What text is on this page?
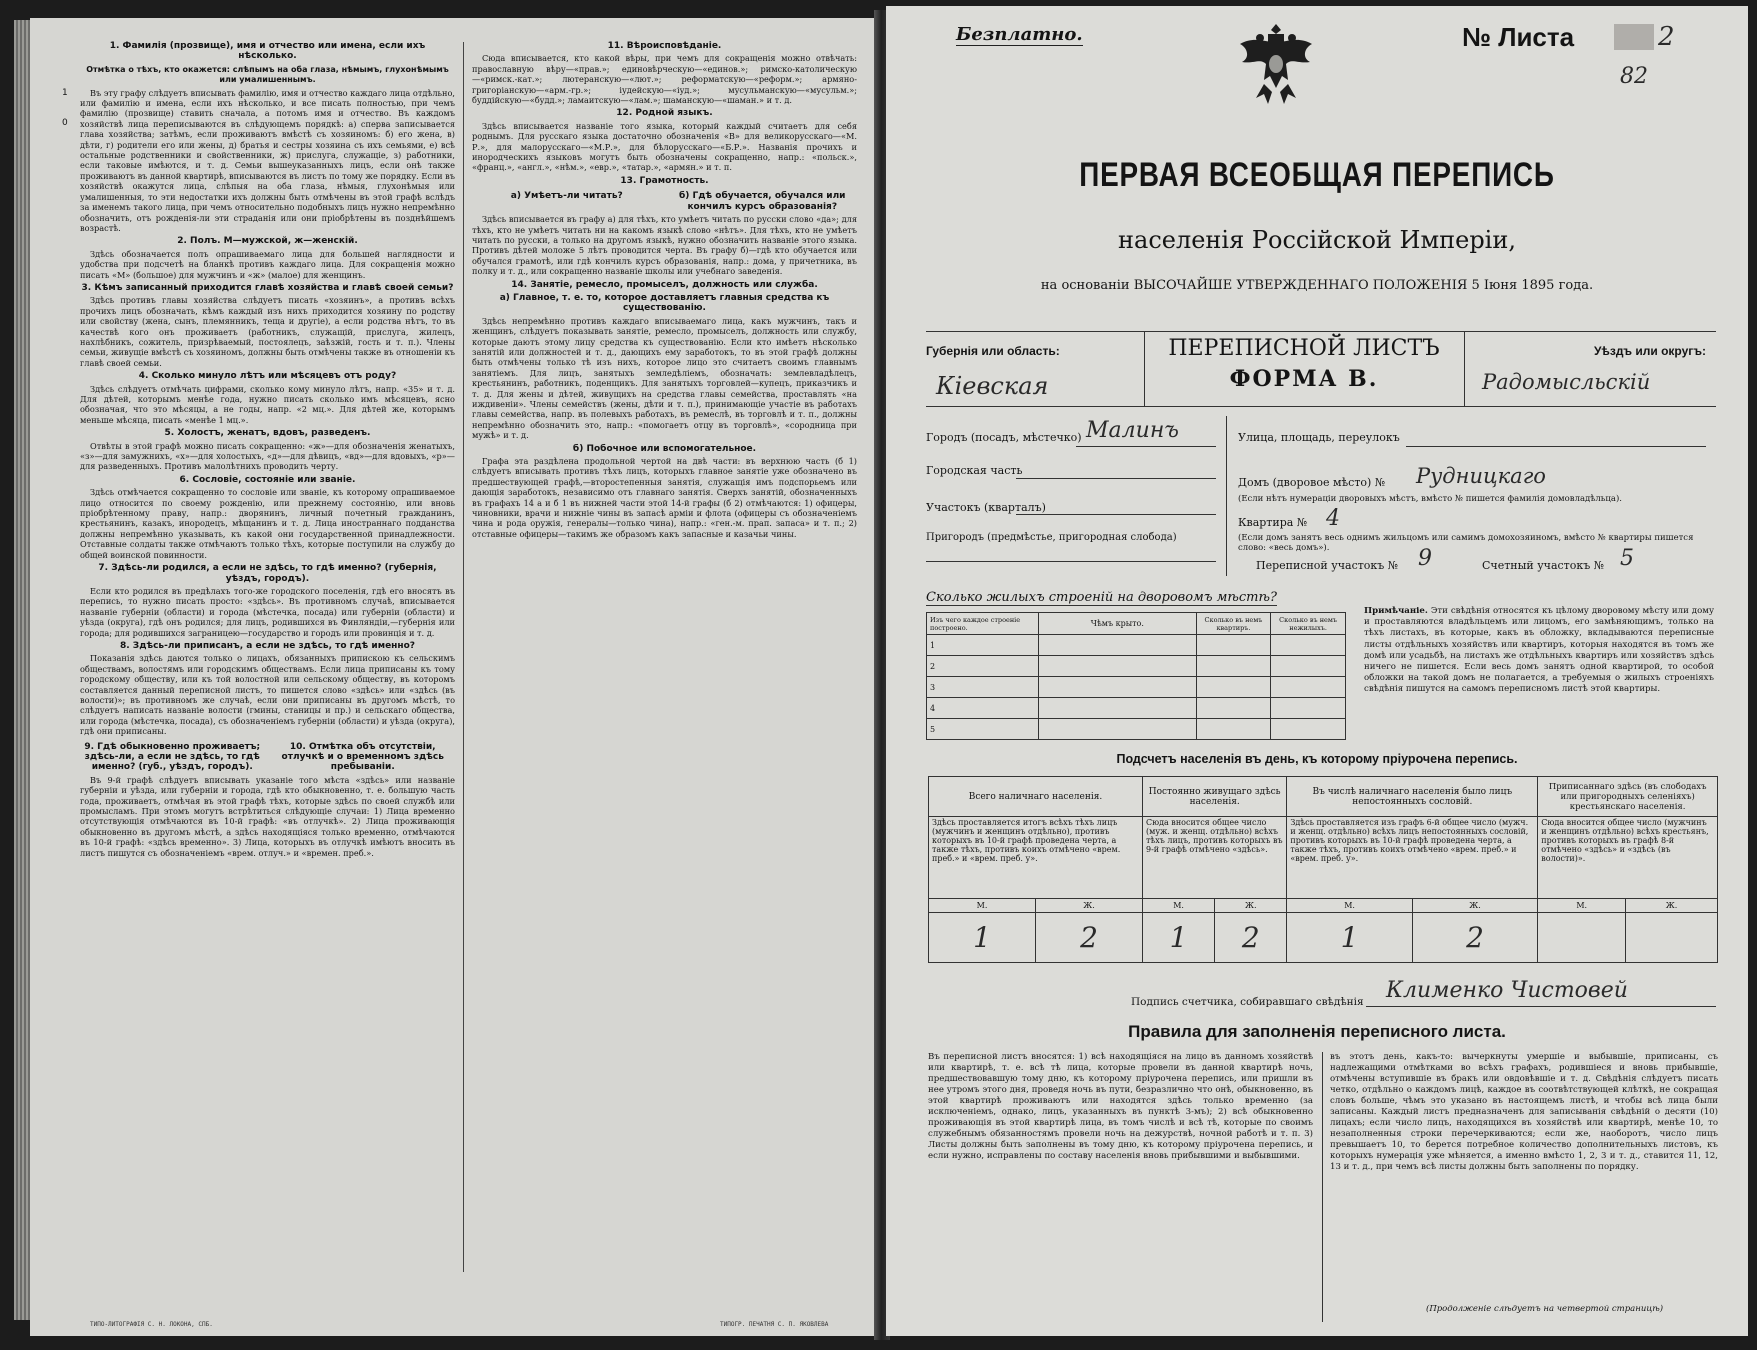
1
0
1. Фамилія (прозвище), имя и отчество или имена, если ихъ нѣсколько.
Отмѣтка о тѣхъ, кто окажется: слѣпымъ на оба глаза, нѣмымъ, глухонѣмымъ или умалишеннымъ.

Въ эту графу слѣдуетъ вписывать фамилію, имя и отчество каждаго лица отдѣльно, или фамилію и имена, если ихъ нѣсколько, и все писать полностью, при чемъ фамилію (прозвище) ставить сначала, а потомъ имя и отчество. Въ каждомъ хозяйствѣ лица переписываются въ слѣдующемъ порядкѣ: а) сперва записывается глава хозяйства; затѣмъ, если проживаютъ вмѣстѣ съ хозяиномъ: б) его жена, в) дѣти, г) родители его или жены, д) братья и сестры хозяина съ ихъ семьями, е) всѣ остальные родственники и свойственники, ж) прислуга, служащіе, з) работники, если таковые имѣются, и т. д. Семьи вышеуказанныхъ лицъ, если онѣ также проживаютъ въ данной квартирѣ, вписываются въ листъ по тому же порядку. Если въ хозяйствѣ окажутся лица, слѣпыя на оба глаза, нѣмыя, глухонѣмыя или умалишенныя, то эти недостатки ихъ должны быть отмѣчены въ этой графѣ вслѣдъ за именемъ такого лица, при чемъ относительно подобныхъ лицъ нужно непремѣнно обозначить, отъ рожденія-ли эти страданія или они пріобрѣтены въ позднѣйшемъ возрастѣ.

2. Полъ. М—мужской, ж—женскій.

Здѣсь обозначается полъ опрашиваемаго лица для большей наглядности и удобства при подсчетѣ на бланкѣ противъ каждаго лица. Для сокращенія можно писать «М» (большое) для мужчинъ и «ж» (малое) для женщинъ.

3. Кѣмъ записанный приходится главѣ хозяйства и главѣ своей семьи?

Здѣсь противъ главы хозяйства слѣдуетъ писать «хозяинъ», а противъ всѣхъ прочихъ лицъ обозначать, кѣмъ каждый изъ нихъ приходится хозяину по родству или свойству (жена, сынъ, племянникъ, теща и другіе), а если родства нѣтъ, то въ качествѣ кого онъ проживаетъ (работникъ, служащій, прислуга, жилецъ, нахлѣбникъ, сожитель, призрѣваемый, постоялецъ, заѣзжій, гость и т. п.). Члены семьи, живущіе вмѣстѣ съ хозяиномъ, должны быть отмѣчены также въ отношеніи къ главѣ своей семьи.

4. Сколько минуло лѣтъ или мѣсяцевъ отъ роду?

Здѣсь слѣдуетъ отмѣчать цифрами, сколько кому минуло лѣтъ, напр. «35» и т. д. Для дѣтей, которымъ менѣе года, нужно писать сколько имъ мѣсяцевъ, ясно обозначая, что это мѣсяцы, а не годы, напр. «2 мц.». Для дѣтей же, которымъ меньше мѣсяца, писать «менѣе 1 мц.».

5. Холостъ, женатъ, вдовъ, разведенъ.

Отвѣты в этой графѣ можно писать сокращенно: «ж»—для обозначенія женатыхъ, «з»—для замужнихъ, «х»—для холостыхъ, «д»—для дѣвицъ, «вд»—для вдовыхъ, «р»—для разведенныхъ. Противъ малолѣтнихъ проводить черту.

6. Сословіе, состояніе или званіе.

Здѣсь отмѣчается сокращенно то сословіе или званіе, къ которому опрашиваемое лицо относится по своему рожденію, или прежнему состоянію, или вновь пріобрѣтенному праву, напр.: дворянинъ, личный почетный гражданинъ, крестьянинъ, казакъ, инородецъ, мѣщанинъ и т. д. Лица иностраннаго подданства должны непремѣнно указывать, къ какой они государственной принадлежности. Отставные солдаты также отмѣчаютъ только тѣхъ, которые поступили на службу до общей воинской повинности.

7. Здѣсь-ли родился, а если не здѣсь, то гдѣ именно? (губернія, уѣздъ, городъ).

Если кто родился въ предѣлахъ того-же городского поселенія, гдѣ его вносятъ въ перепись, то нужно писать просто: «здѣсь». Въ противномъ случаѣ, вписывается названіе губерніи (области) и города (мѣстечка, посада) или губерніи (области) и уѣзда (округа), гдѣ онъ родился; для лицъ, родившихся въ Финляндіи,—губернія или города; для родившихся заграницею—государство и городъ или провинція и т. д.

8. Здѣсь-ли приписанъ, а если не здѣсь, то гдѣ именно?

Показанія здѣсь даются только о лицахъ, обязанныхъ припискою къ сельскимъ обществамъ, волостямъ или городскимъ обществамъ. Если лица приписаны къ тому городскому обществу, или къ той волостной или сельскому обществу, въ которомъ составляется данный переписной листъ, то пишется слово «здѣсь» или «здѣсь (въ волости)»; въ противномъ же случаѣ, если они приписаны въ другомъ мѣстѣ, то слѣдуетъ написать названіе волости (гмины, станицы и пр.) и сельскаго общества, или города (мѣстечка, посада), съ обозначеніемъ губерніи (области) и уѣзда (округа), гдѣ они приписаны.

9. Гдѣ обыкновенно проживаетъ; здѣсь-ли, а если не здѣсь, то гдѣ именно? (губ., уѣздъ, городъ).
10. Отмѣтка объ отсутствіи, отлучкѣ и о временномъ здѣсь пребываніи.

Въ 9-й графѣ слѣдуетъ вписывать указаніе того мѣста «здѣсь» или названіе губерніи и уѣзда, или губерніи и города, гдѣ кто обыкновенно, т. е. большую часть года, проживаетъ, отмѣчая въ этой графѣ тѣхъ, которые здѣсь по своей службѣ или промысламъ. При этомъ могутъ встрѣтиться слѣдующіе случаи: 1) Лица временно отсутствующія отмѣчаются въ 10-й графѣ: «въ отлучкѣ». 2) Лица проживающія обыкновенно въ другомъ мѣстѣ, а здѣсь находящіяся только временно, отмѣчаются въ 10-й графѣ: «здѣсь временно». 3) Лица, которыхъ въ отлучкѣ имѣютъ вносить въ листъ пишутся съ обозначеніемъ «врем. отлуч.» и «времен. преб.».

11. Вѣроисповѣданіе.

Сюда вписывается, кто какой вѣры, при чемъ для сокращенія можно отвѣчать: православную вѣру—«прав.»; единовѣрческую—«единов.»; римско-католическую—«римск.-кат.»; лютеранскую—«лют.»; реформатскую—«реформ.»; армяно-григоріанскую—«арм.-гр.»; іудейскую—«іуд.»; мусульманскую—«мусульм.»; буддійскую—«будд.»; ламаитскую—«лам.»; шаманскую—«шаман.» и т. д.

12. Родной языкъ.

Здѣсь вписывается названіе того языка, который каждый считаетъ для себя роднымъ. Для русскаго языка достаточно обозначенія «В» для великорусскаго—«М. Р.», для малорусскаго—«М.Р.», для бѣлорусскаго—«Б.Р.». Названія прочихъ и инородческихъ языковъ могутъ быть обозначены сокращенно, напр.: «польск.», «франц.», «англ.», «нѣм.», «евр.», «татар.», «армян.» и т. п.

13. Грамотность.
а) Умѣетъ-ли читать?	б) Гдѣ обучается, обучался или кончилъ курсъ образованія?

Здѣсь вписывается въ графу а) для тѣхъ, кто умѣетъ читать по русски слово «да»; для тѣхъ, кто не умѣетъ читать ни на какомъ языкѣ слово «нѣтъ». Для тѣхъ, кто не умѣетъ читать по русски, а только на другомъ языкѣ, нужно обозначить названіе этого языка. Противъ дѣтей моложе 5 лѣтъ проводится черта. Въ графу б)—гдѣ кто обучается или обучался грамотѣ, или гдѣ кончилъ курсъ образованія, напр.: дома, у причетника, въ полку и т. д., или сокращенно названіе школы или учебнаго заведенія.

14. Занятіе, ремесло, промыселъ, должность или служба.
а) Главное, т. е. то, которое доставляетъ главныя средства къ существованію.

Здѣсь непремѣнно противъ каждаго вписываемаго лица, какъ мужчинъ, такъ и женщинъ, слѣдуетъ показывать занятіе, ремесло, промыселъ, должность или службу, которые даютъ этому лицу средства къ существованію. Если кто имѣетъ нѣсколько занятій или должностей и т. д., дающихъ ему заработокъ, то въ этой графѣ должны быть отмѣчены только тѣ изъ нихъ, которое лицо это считаетъ своимъ главнымъ занятіемъ. Для лицъ, занятыхъ земледѣліемъ, обозначать: землевладѣлецъ, крестьянинъ, работникъ, поденщикъ. Для занятыхъ торговлей—купецъ, приказчикъ и т. д. Для жены и дѣтей, живущихъ на средства главы семейства, проставлять «на иждивеніи». Члены семействъ (жены, дѣти и т. п.), принимающіе участіе въ работахъ главы семейства, напр. въ полевыхъ работахъ, въ ремеслѣ, въ торговлѣ и т. п., должны непремѣнно обозначить это, напр.: «помогаетъ отцу въ торговлѣ», «сородница при мужѣ» и т. д.

б) Побочное или вспомогательное.

Графа эта раздѣлена продольной чертой на двѣ части: въ верхнюю часть (б 1) слѣдуетъ вписывать противъ тѣхъ лицъ, которыхъ главное занятіе уже обозначено въ предшествующей графѣ,—второстепенныя занятія, служащія имъ подспорьемъ или дающія заработокъ, независимо отъ главнаго занятія. Сверхъ занятій, обозначенныхъ въ графахъ 14 а и б 1 въ нижней части этой 14-й графы (б 2) отмѣчаются: 1) офицеры, чиновники, врачи и нижніе чины въ запасѣ арміи и флота (офицеры съ обозначеніемъ чина и рода оружія, генералы—только чина), напр.: «ген.-м. прап. запаса» и т. п.; 2) отставные офицеры—такимъ же образомъ какъ запасные и казачьи чины.

ТИПО-ЛИТОГРАФІЯ С. Н. ЛОКОНА, СПБ.	ТИПОГР. ПЕЧАТНЯ С. П. ЯКОВЛЕВА
Безплатно.	№ Листа	2
82
ПЕРВАЯ ВСЕОБЩАЯ ПЕРЕПИСЬ
населенія Россійской Имперіи,
на основаніи ВЫСОЧАЙШЕ УТВЕРЖДЕННАГО ПОЛОЖЕНІЯ 5 Іюня 1895 года.
Губернія или область:
Кіевская
ПЕРЕПИСНОЙ ЛИСТЪ
ФОРМА В.
Уѣздъ или округъ:
Радомысльскій
Городъ (посадъ, мѣстечко) Малинъ
Городская часть
Участокъ (кварталъ)
Пригородъ (предмѣстье, пригородная слобода)
Улица, площадь, переулокъ
Домъ (дворовое мѣсто) № Рудницкаго
(Если нѣтъ нумераціи дворовыхъ мѣстъ, вмѣсто № пишется фамилія домовладѣльца).
Квартира № 4
(Если домъ занятъ весь однимъ жильцомъ или самимъ домохозяиномъ, вмѣсто № квартиры пишется слово: «весь домъ»).
Переписной участокъ № 9	Счетный участокъ № 5
Сколько жилыхъ строеній на дворовомъ мѣстѣ?
Изъ чего каждое строеніе построено.	Чѣмъ крыто.	Сколько въ немъ квартиръ.	Сколько въ немъ нежилыхъ.
1			
2			
3			
4			
5			
Примѣчаніе. Эти свѣдѣнія относятся къ цѣлому дворовому мѣсту или дому и проставляются владѣльцемъ или лицомъ, его замѣняющимъ, только на тѣхъ листахъ, въ которые, какъ въ обложку, вкладываются переписные листы отдѣльныхъ хозяйствъ или квартиръ, которыя находятся въ томъ же домѣ или усадьбѣ, на листахъ же отдѣльныхъ квартиръ или хозяйствъ здѣсь ничего не пишется. Если весь домъ занятъ одной квартирой, то особой обложки на такой домъ не полагается, а требуемыя о жилыхъ строеніяхъ свѣдѣнія пишутся на самомъ переписномъ листѣ этой квартиры.
Подсчетъ населенія въ день, къ которому пріурочена перепись.
Всего наличнаго населенія.		Постоянно живущаго здѣсь населенія.		Въ числѣ наличнаго населенія было лицъ непостоянныхъ сословій.		Приписаннаго здѣсь (въ слободахъ или пригородныхъ селеніяхъ) крестьянскаго населенія.	
Здѣсь проставляется итогъ всѣхъ тѣхъ лицъ (мужчинъ и женщинъ отдѣльно), противъ которыхъ въ 10-й графѣ проведена черта, а также тѣхъ, противъ коихъ отмѣчено «врем. преб.» и «врем. преб. у».		Сюда вносится общее число (муж. и женщ. отдѣльно) всѣхъ тѣхъ лицъ, противъ которыхъ въ 9-й графѣ отмѣчено «здѣсь».		Здѣсь проставляется изъ графъ 6-й общее число (мужч. и женщ. отдѣльно) всѣхъ лицъ непостоянныхъ сословій, противъ которыхъ въ 10-й графѣ проведена черта, а также тѣхъ, противъ коихъ отмѣчено «врем. преб.» и «врем. преб. у».		Сюда вносится общее число (мужчинъ и женщинъ отдѣльно) всѣхъ крестьянъ, противъ которыхъ въ графѣ 8-й отмѣчено «здѣсь» и «здѣсь (въ волости)».	
М.	Ж.	М.	Ж.	М.	Ж.	М.	Ж.
1	2	1	2	1	2		
Подпись счетчика, собиравшаго свѣдѣнія Клименко Чистовей
Правила для заполненія переписного листа.
Въ переписной листъ вносятся: 1) всѣ находящіяся на лицо въ данномъ хозяйствѣ или квартирѣ, т. е. всѣ тѣ лица, которые провели въ данной квартирѣ ночь, предшествовавшую тому дню, къ которому пріурочена перепись, или пришли въ нее утромъ этого дня, проведя ночь въ пути, безразлично что онѣ, обыкновенно, въ этой квартирѣ проживаютъ или находятся здѣсь только временно (за исключеніемъ, однако, лицъ, указанныхъ въ пунктѣ 3-мъ); 2) всѣ обыкновенно проживающія въ этой квартирѣ лица, въ томъ числѣ и всѣ тѣ, которые по своимъ служебнымъ обязанностямъ провели ночь на дежурствѣ, ночной работѣ и т. п. 3) Листы должны быть заполнены въ тому дню, къ которому пріурочена перепись, и если нужно, исправлены по составу населенія вновь прибывшими и выбывшими.
въ этотъ день, какъ-то: вычеркнуты умершіе и выбывшіе, приписаны, съ надлежащими отмѣтками во всѣхъ графахъ, родившіеся и вновь прибывшіе, отмѣчены вступившіе въ бракъ или овдовѣвшіе и т. д. Свѣдѣнія слѣдуетъ писать четко, отдѣльно о каждомъ лицѣ, каждое въ соотвѣтствующей клѣткѣ, не сокращая словъ больше, чѣмъ это указано въ настоящемъ листѣ, и чтобы всѣ лица были записаны. Каждый листъ предназначенъ для записыванія свѣдѣній о десяти (10) лицахъ; если число лицъ, находящихся въ хозяйствѣ или квартирѣ, менѣе 10, то незаполненныя строки перечеркиваются; если же, наоборотъ, число лицъ превышаетъ 10, то берется потребное количество дополнительныхъ листовъ, къ которыхъ нумерація уже мѣняется, а именно вмѣсто 1, 2, 3 и т. д., ставится 11, 12, 13 и т. д., при чемъ всѣ листы должны быть заполнены по порядку.
(Продолженіе слѣдуетъ на четвертой страницѣ)
